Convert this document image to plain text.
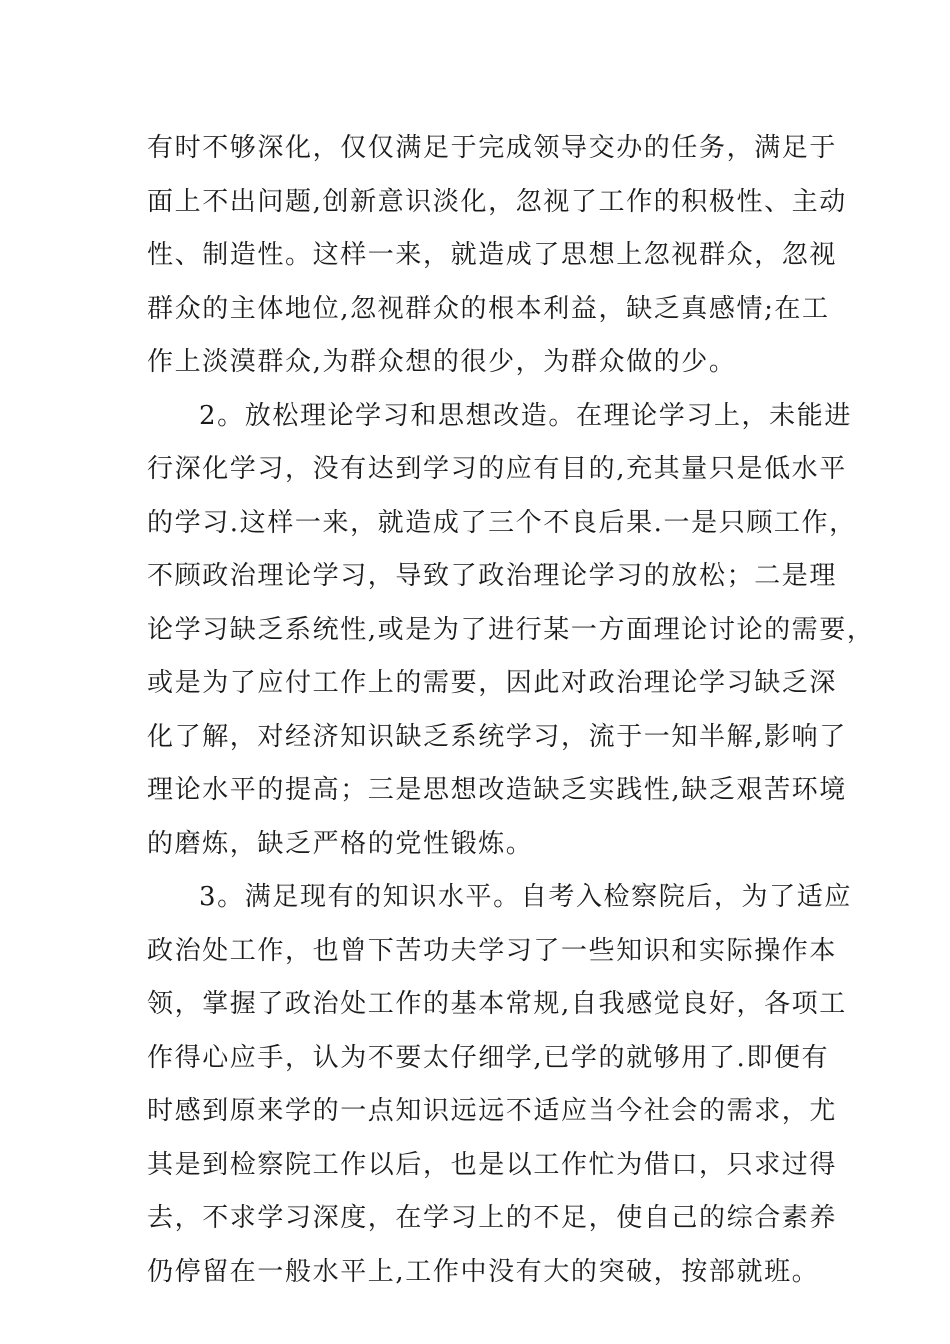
有时不够深化，仅仅满足于完成领导交办的任务，满足于
面上不出问题,创新意识淡化，忽视了工作的积极性、主动
性、制造性。这样一来，就造成了思想上忽视群众，忽视
群众的主体地位,忽视群众的根本利益，缺乏真感情;在工
作上淡漠群众,为群众想的很少，为群众做的少。
2。放松理论学习和思想改造。在理论学习上，未能进
行深化学习，没有达到学习的应有目的,充其量只是低水平
的学习.这样一来，就造成了三个不良后果.一是只顾工作，
不顾政治理论学习，导致了政治理论学习的放松；二是理
论学习缺乏系统性,或是为了进行某一方面理论讨论的需要，
或是为了应付工作上的需要，因此对政治理论学习缺乏深
化了解，对经济知识缺乏系统学习，流于一知半解,影响了
理论水平的提高；三是思想改造缺乏实践性,缺乏艰苦环境
的磨炼，缺乏严格的党性锻炼。
3。满足现有的知识水平。自考入检察院后，为了适应
政治处工作，也曾下苦功夫学习了一些知识和实际操作本
领，掌握了政治处工作的基本常规,自我感觉良好，各项工
作得心应手，认为不要太仔细学,已学的就够用了.即便有
时感到原来学的一点知识远远不适应当今社会的需求，尤
其是到检察院工作以后，也是以工作忙为借口，只求过得
去，不求学习深度，在学习上的不足，使自己的综合素养
仍停留在一般水平上,工作中没有大的突破，按部就班。
